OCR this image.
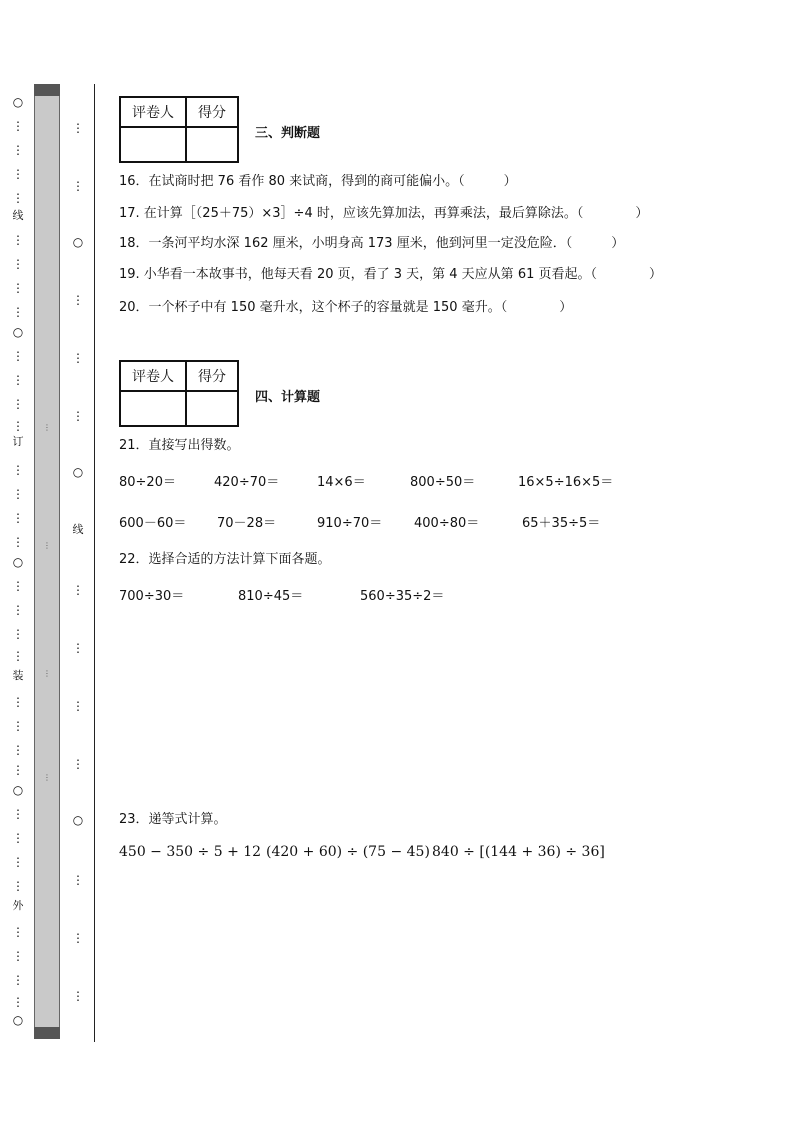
○
⋮
⋮
⋮
⋮
线
⋮
⋮
⋮
⋮
○
⋮
⋮
⋮
⋮
订
⋮
⋮
⋮
⋮
○
⋮
⋮
⋮
⋮
装
⋮
⋮
⋮
⋮
○
⋮
⋮
⋮
⋮
外
⋮
⋮
⋮
⋮
○
⋮
⋮
⋮
⋮
⋮
⋮
○
⋮
⋮
⋮
○
线
⋮
⋮
⋮
⋮
○
⋮
⋮
⋮
评卷人	得分

三、判断题
16．在试商时把 76 看作 80 来试商，得到的商可能偏小。（　　　）
17. 在计算［（25＋75）×3］÷4 时，应该先算加法，再算乘法，最后算除法。（　　　　）
18．一条河平均水深 162 厘米，小明身高 173 厘米，他到河里一定没危险．（　　　）
19. 小华看一本故事书，他每天看 20 页，看了 3 天，第 4 天应从第 61 页看起。（　　　　）
20．一个杯子中有 150 毫升水，这个杯子的容量就是 150 毫升。（　　　　）
评卷人	得分

四、计算题
21．直接写出得数。
80÷20＝	420÷70＝	14×6＝	800÷50＝	16×5÷16×5＝
600－60＝ 70－28＝	910÷70＝ 400÷80＝	65＋35÷5＝
22．选择合适的方法计算下面各题。
700÷30＝	810÷45＝	560÷35÷2＝
23．递等式计算。
450 − 350 ÷ 5 + 12 (420 + 60) ÷ (75 − 45) 840 ÷ [(144 + 36) ÷ 36]
